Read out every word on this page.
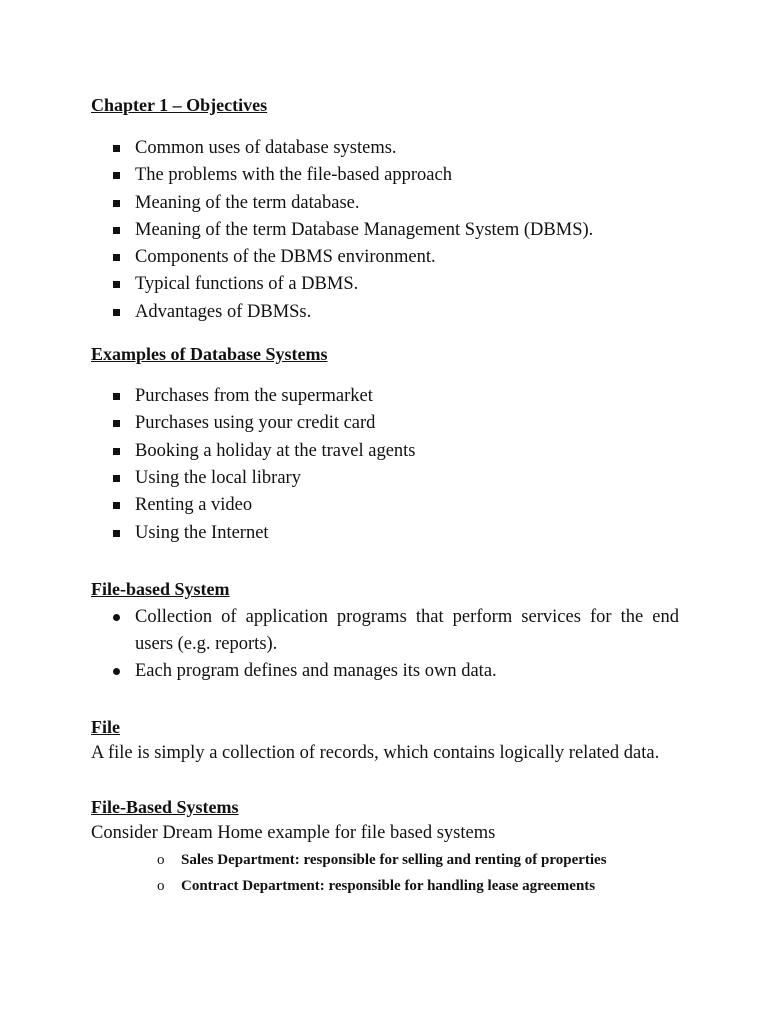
Chapter 1 – Objectives

Common uses of database systems.
The problems with the file-based approach
Meaning of the term database.
Meaning of the term Database Management System (DBMS).
Components of the DBMS environment.
Typical functions of a DBMS.
Advantages of DBMSs.

Examples of Database Systems

Purchases from the supermarket
Purchases using your credit card
Booking a holiday at the travel agents
Using the local library
Renting a video
Using the Internet

File-based System

Collection of application programs that perform services for the end users (e.g. reports).
Each program defines and manages its own data.

File

A file is simply a collection of records, which contains logically related data.

File-Based Systems

Consider Dream Home example for file based systems

o Sales Department: responsible for selling and renting of properties
o Contract Department: responsible for handling lease agreements
